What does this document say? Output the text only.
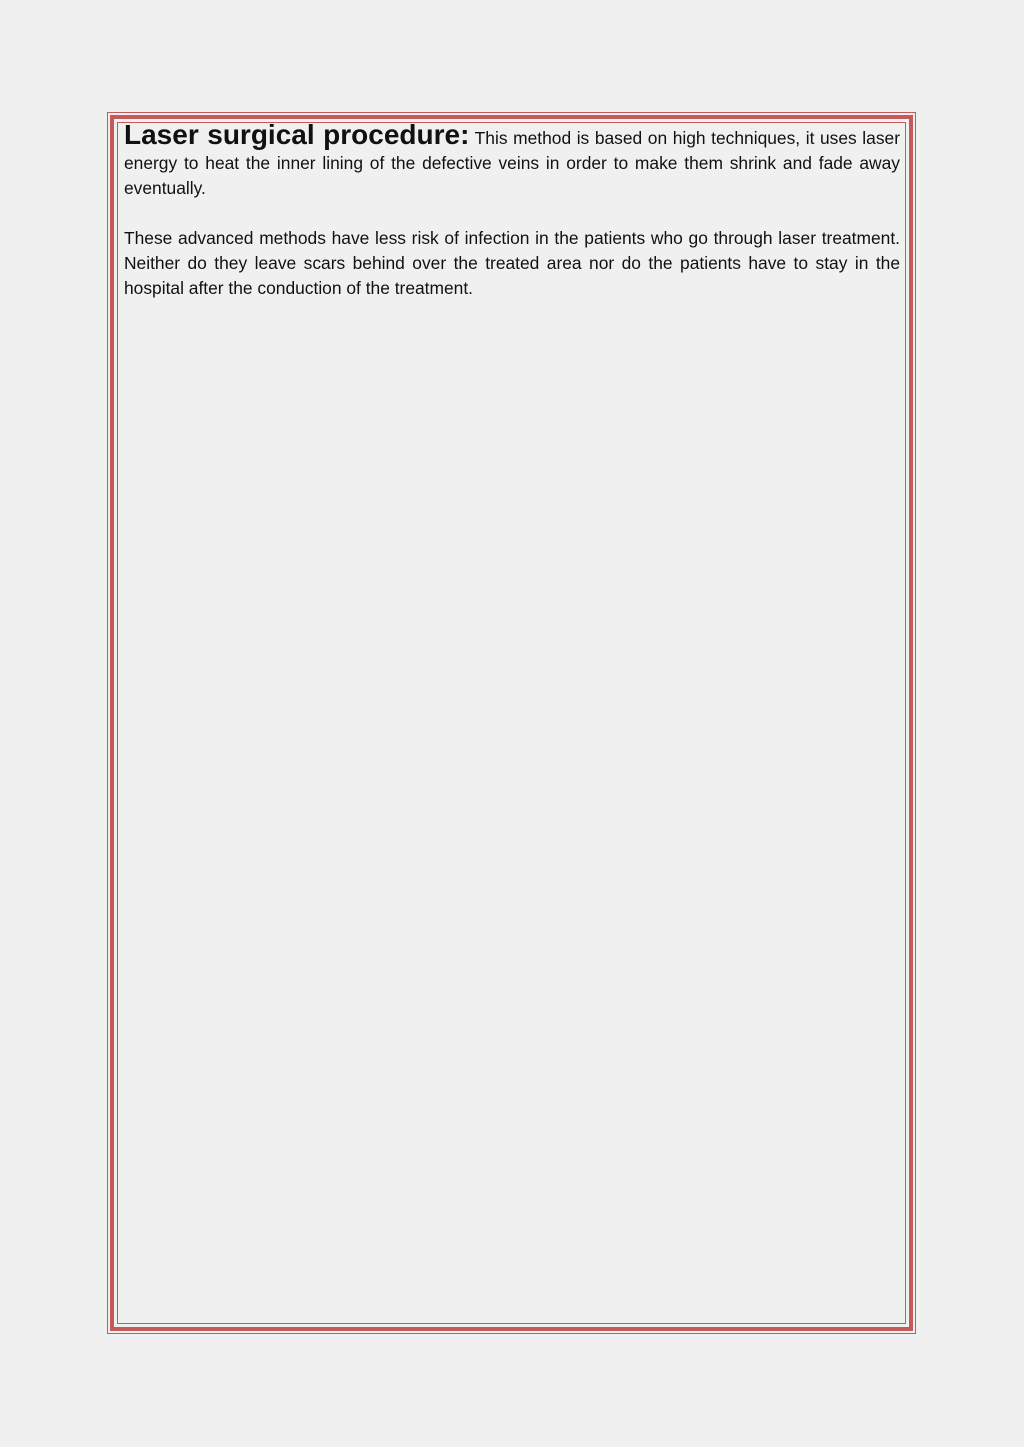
Laser surgical procedure: This method is based on high techniques, it uses laser energy to heat the inner lining of the defective veins in order to make them shrink and fade away eventually.

These advanced methods have less risk of infection in the patients who go through laser treatment. Neither do they leave scars behind over the treated area nor do the patients have to stay in the hospital after the conduction of the treatment.
